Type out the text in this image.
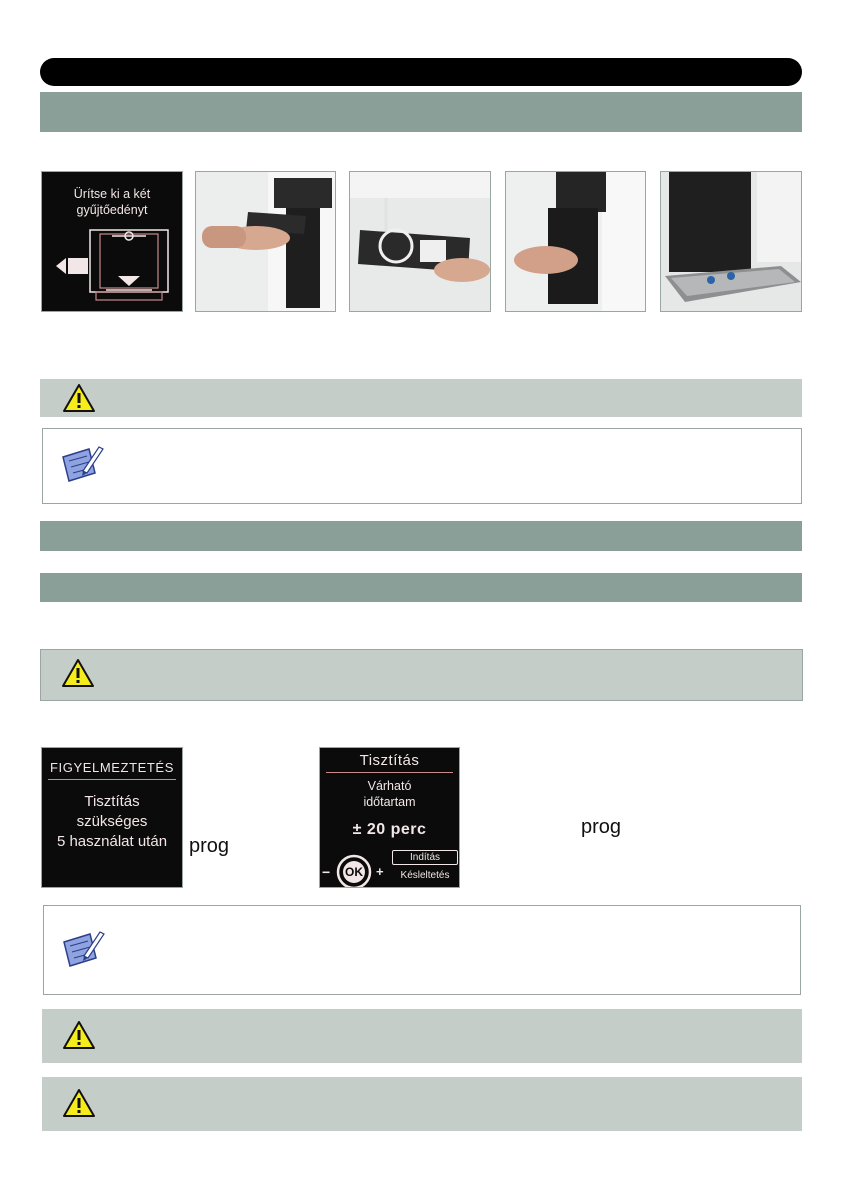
Ürítse ki a két
gyűjtőedényt
FIGYELMEZTETÉS
Tisztítás
szükséges
5 használat után	prog
Tisztítás
Várható
időtartam
± 20 perc
Indítás
Késleltetés
−	+
OK
prog
